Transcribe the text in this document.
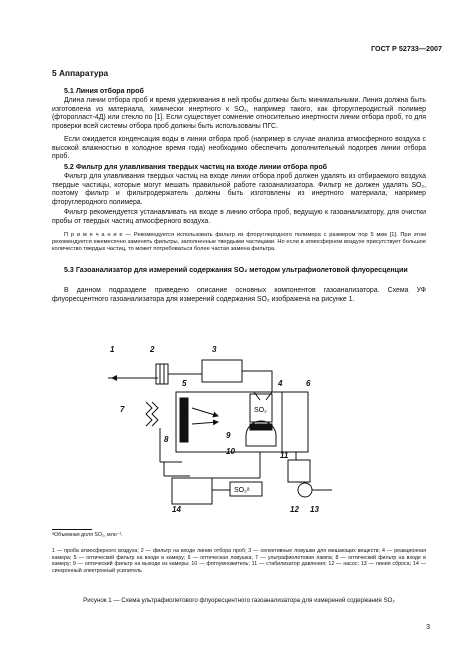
ГОСТ Р 52733—2007
5 Аппаратура
5.1 Линия отбора проб
Длина линии отбора проб и время удерживания в ней пробы должны быть минимальными. Линия должна быть изготовлена из материала, химически инертного к SO₂, например такого, как фторуглеродистый полимер (фторопласт-4Д) или стекло по [1]. Если существует сомнение относительно инертности линии отбора проб, то для проверки всей системы отбора проб должны быть использованы ПГС.
Если ожидается конденсация воды в линии отбора проб (например в случае анализа атмосферного воздуха с высокой влажностью в холодное время года) необходимо обеспечить дополнительный подогрев линии отбора проб.
5.2 Фильтр для улавливания твердых частиц на входе линии отбора проб
Фильтр для улавливания твердых частиц на входе линии отбора проб должен удалять из отбираемого воздуха твердые частицы, которые могут мешать правильной работе газоанализатора. Фильтр не должен удалять SO₂, поэтому фильтр и фильтродержатель должны быть изготовлены из инертного материала, например фторуглеродного полимера.
Фильтр рекомендуется устанавливать на входе в линию отбора проб, ведущую к газоанализатору, для очистки пробы от твердых частиц атмосферного воздуха.
П р и м е ч а н и е — Рекомендуется использовать фильтр из фторуглеродного полимера с размером пор 5 мкм [1]. При этом рекомендуется ежемесячно заменять фильтры, заполненные твердыми частицами. Но если в атмосферном воздухе присутствует большое количество твердых частиц, то может потребоваться более частая замена фильтра.
5.3 Газоанализатор для измерений содержания SO₂ методом ультрафиолетовой флуоресценции
В данном подразделе приведено описание основных компонентов газоанализатора. Схема УФ флуоресцентного газоанализатора для измерений содержания SO₂ изображена на рисунке 1.
1	2	3
4
5	6
7
8	9
10	11
12 13
14
SO₂
SO₂ᵃ
ᵃОбъемная доля SO₂, млн⁻¹.
1 — проба атмосферного воздуха; 2 — фильтр на входе линии отбора проб; 3 — селективные ловушки для мешающих веществ; 4 — реакционная камера; 5 — оптический фильтр на входе в камеру; 6 — оптическая ловушка; 7 — ультрафиолетовая лампа; 8 — оптический фильтр на входе в камеру; 9 — оптический фильтр на выходе из камеры; 10 — фотоумножитель; 11 — стабилизатор давления; 12 — насос; 13 — линия сброса; 14 — синхронный электронный усилитель
Рисунок 1 — Схема ультрафиолетового флуоресцентного газоанализатора для измерений содержания SO₂
3
